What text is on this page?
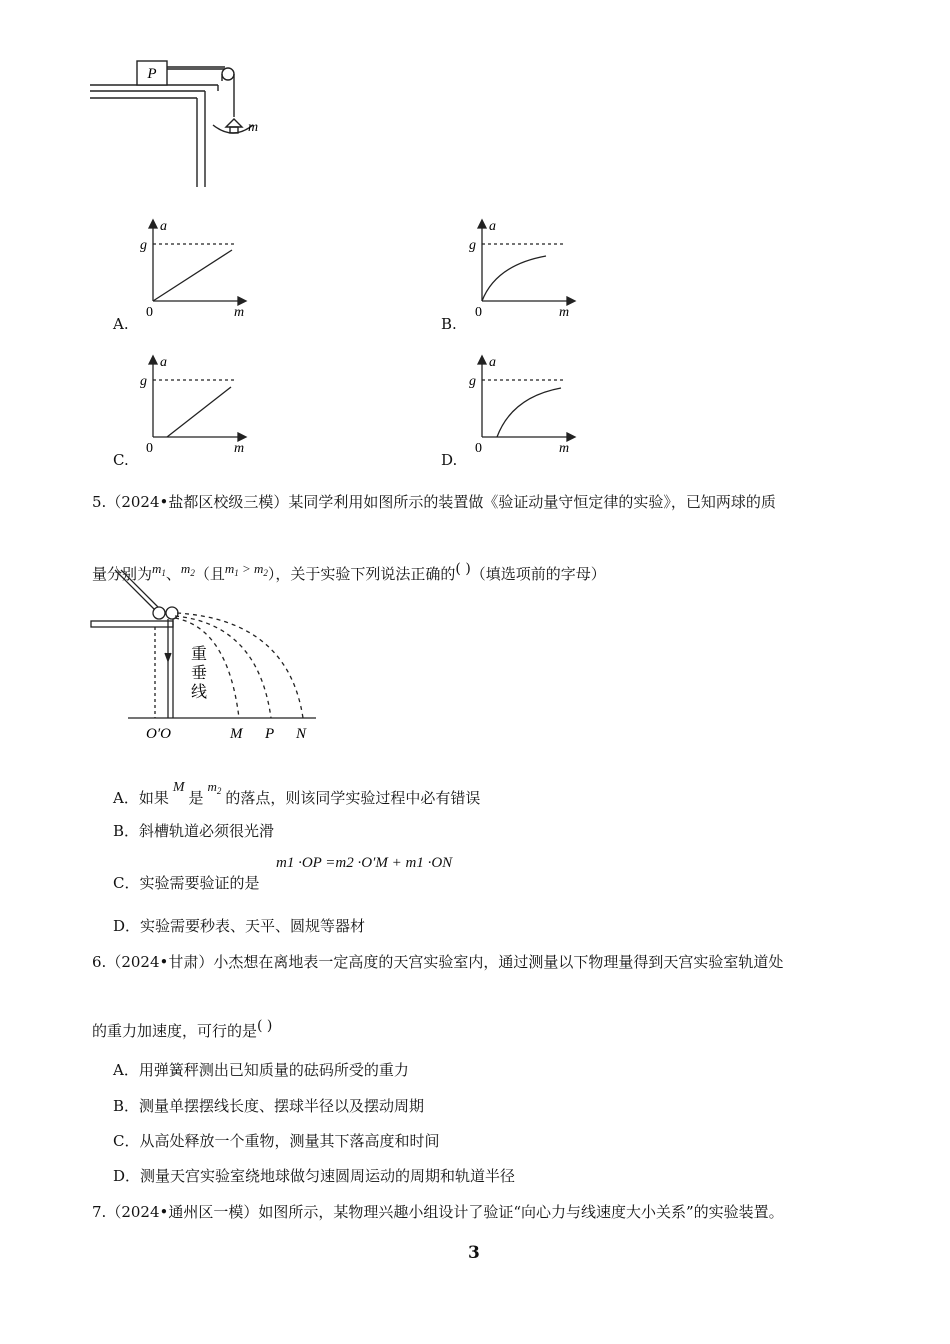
P
m
A.
a
g
0	m
B.
a
g
0	m
C.
a
g
0	m
D.
a
g
0	m
5.（2024•盐都区校级三模）某同学利用如图所示的装置做《验证动量守恒定律的实验》，已知两球的质
量分别为$m_1$、$m_2$（且$m_1 > m_2$），关于实验下列说法正确的( )（填选项前的字母）
重
垂
线
O′O	M P N
A．如果M是$m_2$ 的落点，则该同学实验过程中必有错误
B．斜槽轨道必须很光滑
C．实验需要验证的是
m1 ·OP =m2 ·O′M + m1 ·ON
D．实验需要秒表、天平、圆规等器材
6.（2024•甘肃）小杰想在离地表一定高度的天宫实验室内，通过测量以下物理量得到天宫实验室轨道处
的重力加速度，可行的是( )
A．用弹簧秤测出已知质量的砝码所受的重力
B．测量单摆摆线长度、摆球半径以及摆动周期
C．从高处释放一个重物，测量其下落高度和时间
D．测量天宫实验室绕地球做匀速圆周运动的周期和轨道半径
7.（2024•通州区一模）如图所示，某物理兴趣小组设计了验证“向心力与线速度大小关系”的实验装置。
3
